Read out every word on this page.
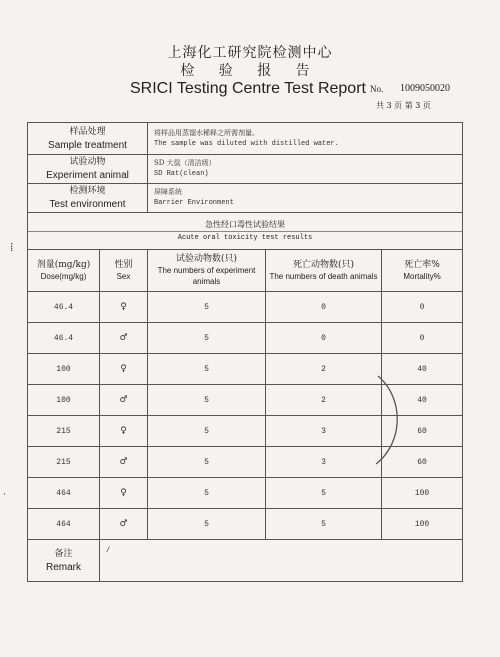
上海化工研究院检测中心
检 验 报 告
SRICI Testing Centre Test Report No. 1009050020
共 3 页 第 3 页
⁞
·
样品处理
Sample treatment		将样品用蒸馏水稀释之所需剂量。
The sample was diluted with distilled water.		

试验动物
Experiment animal		SD 大鼠（清洁级）
SD Rat(clean)		

检测环境
Test environment		屏障系统
Barrier Environment		

急性经口毒性试验结果
Acute oral toxicity test results				

剂量(mg/kg)
Dose(mg/kg)	性别
Sex	试验动物数(只)
The numbers of experiment animals	死亡动物数(只)
The numbers of death animals	死亡率%
Mortality%

46.4	♀	5	0	0
46.4	♂	5	0	0
100	♀	5	2	40
100	♂	5	2	40
215	♀	5	3	60
215	♂	5	3	60
464	♀	5	5	100
464	♂	5	5	100

备注
Remark	/			
